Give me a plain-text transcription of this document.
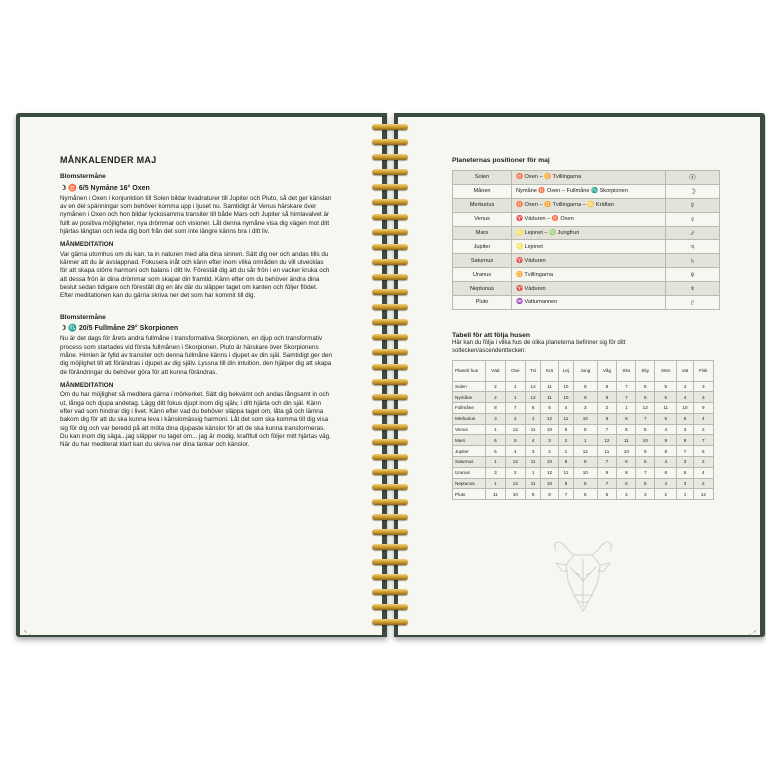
MÅNKALENDER MAJ
Blomstermåne
☽ ♉ 6/5 Nymåne 16° Oxen

Nymånen i Oxen i konjunktion till Solen bildar kvadraturer till Jupiter och Pluto, så det ger känslan av en del spänningar som behöver komma upp i ljuset nu. Samtidigt är Venus härskare över nymånen i Oxen och hon bildar lyckosamma transiter till både Mars och Jupiter så himlavalvet är fullt av positiva möjligheter, nya drömmar och visioner. Låt denna nymåne visa dig vägen mot ditt hjärtas längtan och leda dig bort från det som inte längre känns bra i ditt liv.

MÅNMEDITATION

Var gärna utomhus om du kan, ta in naturen med alla dina sinnen. Sätt dig ner och andas tills du känner att du är avslappnad. Fokusera inåt och känn efter inom vilka områden du vill utvecklas för att skapa större harmoni och balans i ditt liv. Föreställ dig att du sår frön i en vacker kruka och att dessa frön är dina drömmar som skapar din framtid. Känn efter om du behöver ändra dina beslut sedan tidigare och föreställ dig en älv där du släpper taget om kanten och följer flödet. Efter meditationen kan du gärna skriva ner det som har kommit till dig.

Blomstermåne
☽ ♏ 20/5 Fullmåne 29° Skorpionen

Nu är det dags för årets andra fullmåne i transformativa Skorpionen, en djup och transformativ process som startades vid första fullmånen i Skorpionen. Pluto är härskare över Skorpionens måne. Himlen är fylld av transiter och denna fullmåne känns i djupet av din själ. Samtidigt ger den dig möjlighet till att förändras i djupet av dig själv. Lyssna till din intuition, den hjälper dig att skapa de förändringar du behöver göra för att kunna förändras.

MÅNMEDITATION

Om du har möjlighet så meditera gärna i mörkerket. Sätt dig bekvämt och andas långsamt in och ut, långa och djupa andetag. Lägg ditt fokus djupt inom dig själv, i ditt hjärta och din själ. Känn efter vad som hindrar dig i livet. Känn efter vad du behöver släppa taget om, låta gå och lämna bakom dig för att du ska kunna leva i känslomässig harmoni. Låt det som ska komma till dig visa sig för dig och var beredd på att möta dina djupaste känslor för att de ska kunna transformeras. Du kan inom dig säga...jag släpper nu taget om... jag är modig, kraftfull och följer mitt hjärtas väg. När du har mediterat klart kan du skriva ner dina tankar och känslor.

Planeternas positioner för maj
Solen	♉ Oxen – ♊ Tvillingarna	☉
Månen	Nymåne ♉ Oxen – Fullmåne ♏ Skorpionen	☽
Merkurius	♉ Oxen – ♊ Tvillingarna – ♋ Kräftan	☿
Venus	♈ Väduren – ♉ Oxen	♀
Mars	♌ Lejonet – ♍ Jungfrun	♂
Jupiter	♌ Lejonet	♃
Saturnus	♈ Väduren	♄
Uranus	♊ Tvillingarna	♅
Neptunus	♈ Väduren	♆
Pluto	♒ Vattumannen	♇
Tabell för att följa husen
Här kan du följa i vilka hus de olika planeterna befinner sig för ditt soltecken/ascendenttecken:
Planet/ hus	Väd	Oxe	Tvi	Krä	Lej	Jung	Våg	Sko	Sky	Sten	Vat	Fisk
Solen	2	1	12	11	10	9	8	7	6	5	4	3
Nymåne	2	1	12	11	10	9	8	7	6	5	4	3
Fullmåne	8	7	6	5	4	3	2	1	12	11	10	9
Merkurius	3	2	1	12	11	10	9	8	7	6	5	4
Venus	1	12	11	10	9	8	7	6	5	4	3	2
Mars	6	5	4	3	2	1	12	11	10	9	8	7
Jupiter	5	4	3	2	1	12	11	10	9	8	7	6
Saturnus	1	12	11	10	9	8	7	6	5	4	3	2
Uranus	3	2	1	12	11	10	9	8	7	6	5	4
Neptunus	1	12	11	10	9	8	7	6	5	4	3	2
Pluto	11	10	9	8	7	6	5	4	3	2	1	12
